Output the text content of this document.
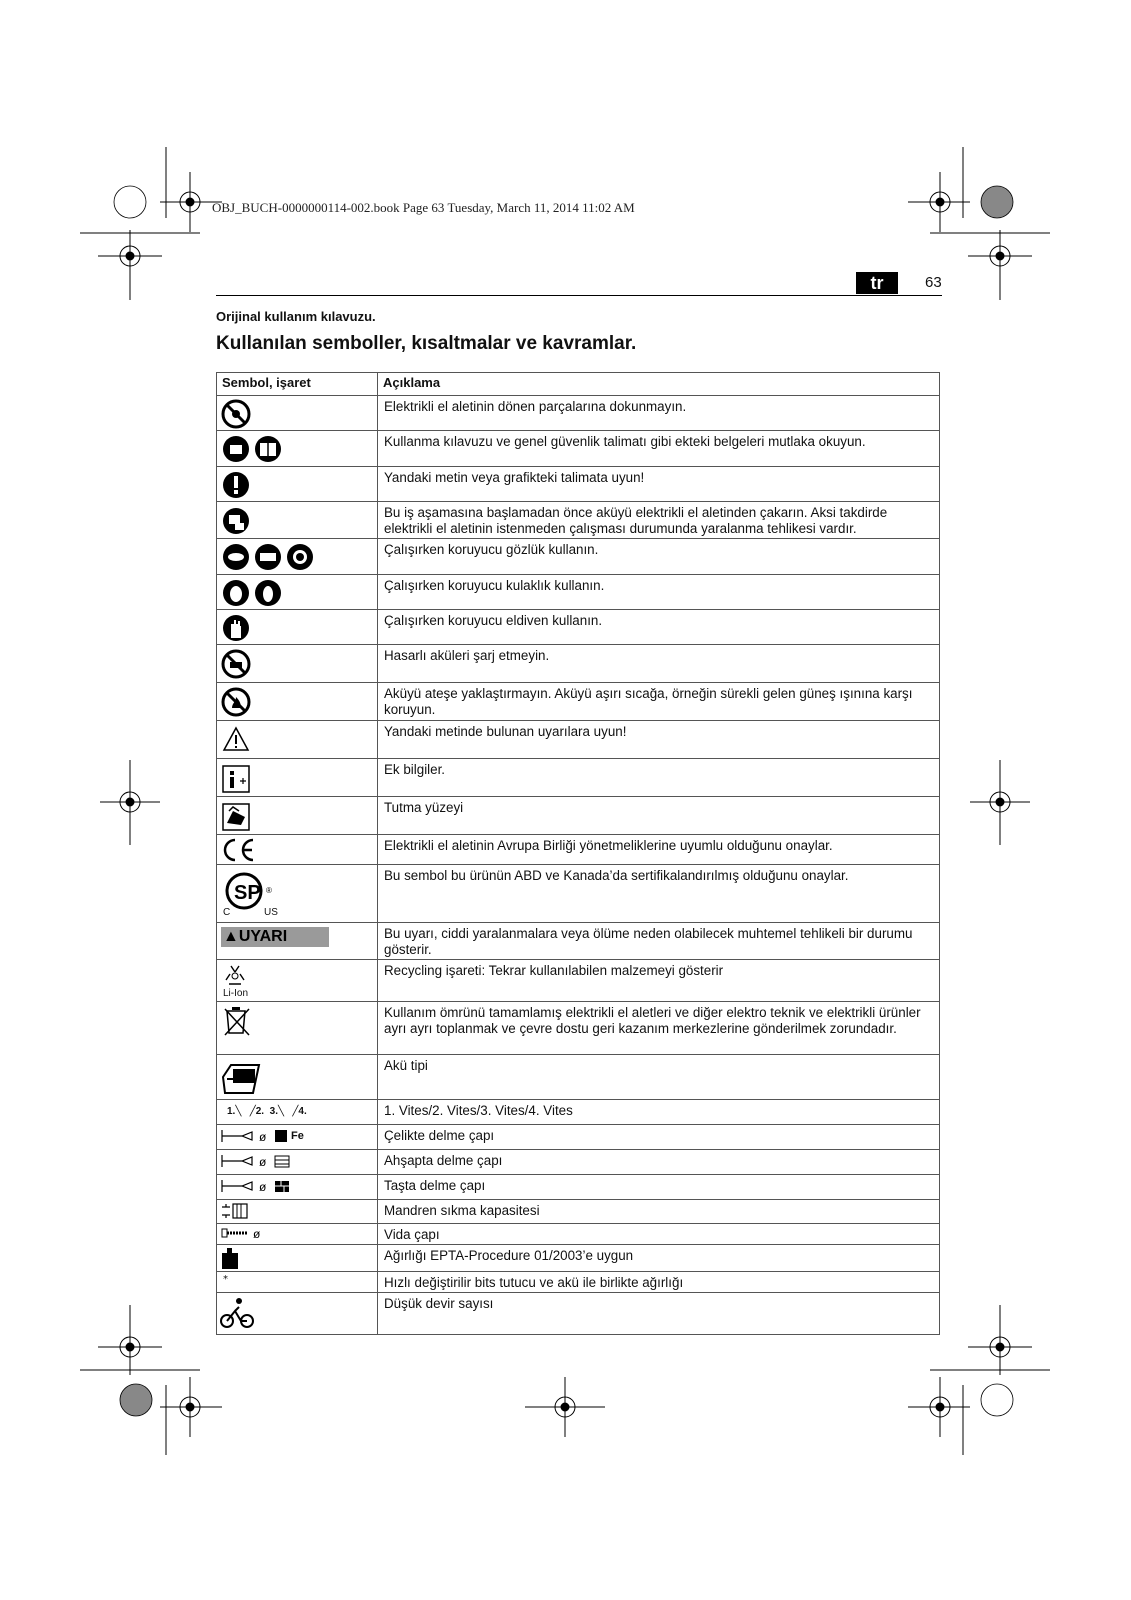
OBJ_BUCH-0000000114-002.book Page 63 Tuesday, March 11, 2014 11:02 AM
tr	63
Orijinal kullanım kılavuzu.
Kullanılan semboller, kısaltmalar ve kavramlar.
Sembol, işaret	Açıklama

	Elektrikli el aletinin dönen parçalarına dokunmayın.

	Kullanma kılavuzu ve genel güvenlik talimatı gibi ekteki belgeleri mutlaka okuyun.

	Yandaki metin veya grafikteki talimata uyun!

	Bu iş aşamasına başlamadan önce aküyü elektrikli el aletinden çakarın. Aksi takdirde elektrikli el aletinin istenmeden çalışması durumunda yaralanma tehlikesi vardır.

	Çalışırken koruyucu gözlük kullanın.

	Çalışırken koruyucu kulaklık kullanın.

	Çalışırken koruyucu eldiven kullanın.

	Hasarlı aküleri şarj etmeyin.

	Aküyü ateşe yaklaştırmayın. Aküyü aşırı sıcağa, örneğin sürekli gelen güneş ışınına karşı koruyun.

	Yandaki metinde bulunan uyarılara uyun!

	Ek bilgiler.

	Tutma yüzeyi

	Elektrikli el aletinin Avrupa Birliği yönetmeliklerine uyumlu olduğunu onaylar.

SP ®
C US	Bu sembol bu ürünün ABD ve Kanada’da sertifikalandırılmış olduğunu onaylar.

▲UYARI	Bu uyarı, ciddi yaralanmalara veya ölüme neden olabilecek muhtemel tehlikeli bir durumu gösterir.

Li-Ion	Recycling işareti: Tekrar kullanılabilen malzemeyi gösterir

	Kullanım ömrünü tamamlamış elektrikli el aletleri ve diğer elektro teknik ve elektrikli ürünler ayrı ayrı toplanmak ve çevre dostu geri kazanım merkezlerine gönderilmek zorundadır.

	Akü tipi

1.╲ ╱2. 3.╲ ╱4.	1. Vites/2. Vites/3. Vites/4. Vites

ø Fe	Çelikte delme çapı

ø	Ahşapta delme çapı

ø	Taşta delme çapı

	Mandren sıkma kapasitesi

ø	Vida çapı

	Ağırlığı EPTA-Procedure 01/2003’e uygun

*	Hızlı değiştirilir bits tutucu ve akü ile birlikte ağırlığı

	Düşük devir sayısı
